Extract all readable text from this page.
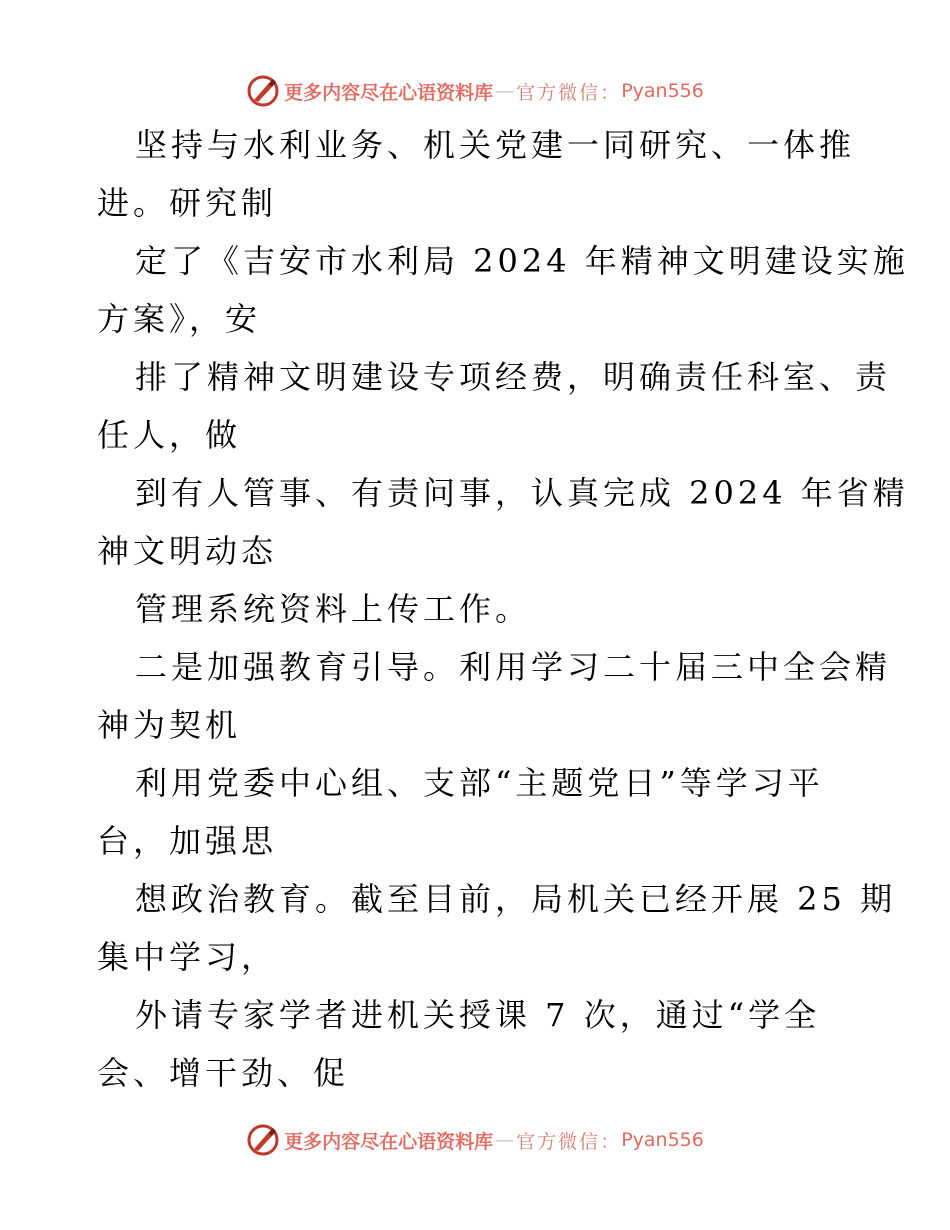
更多内容尽在心语资料库 — 官方微信： Pyan556
坚持与水利业务、机关党建一同研究、一体推
进。研究制
定了《吉安市水利局 2024 年精神文明建设实施
方案》，安
排了精神文明建设专项经费，明确责任科室、责
任人，做
到有人管事、有责问事，认真完成 2024 年省精
神文明动态
管理系统资料上传工作。
二是加强教育引导。利用学习二十届三中全会精
神为契机
利用党委中心组、支部“主题党日”等学习平
台，加强思
想政治教育。截至目前，局机关已经开展 25 期
集中学习，
外请专家学者进机关授课 7 次，通过“学全
会、增干劲、促
更多内容尽在心语资料库 — 官方微信： Pyan556
